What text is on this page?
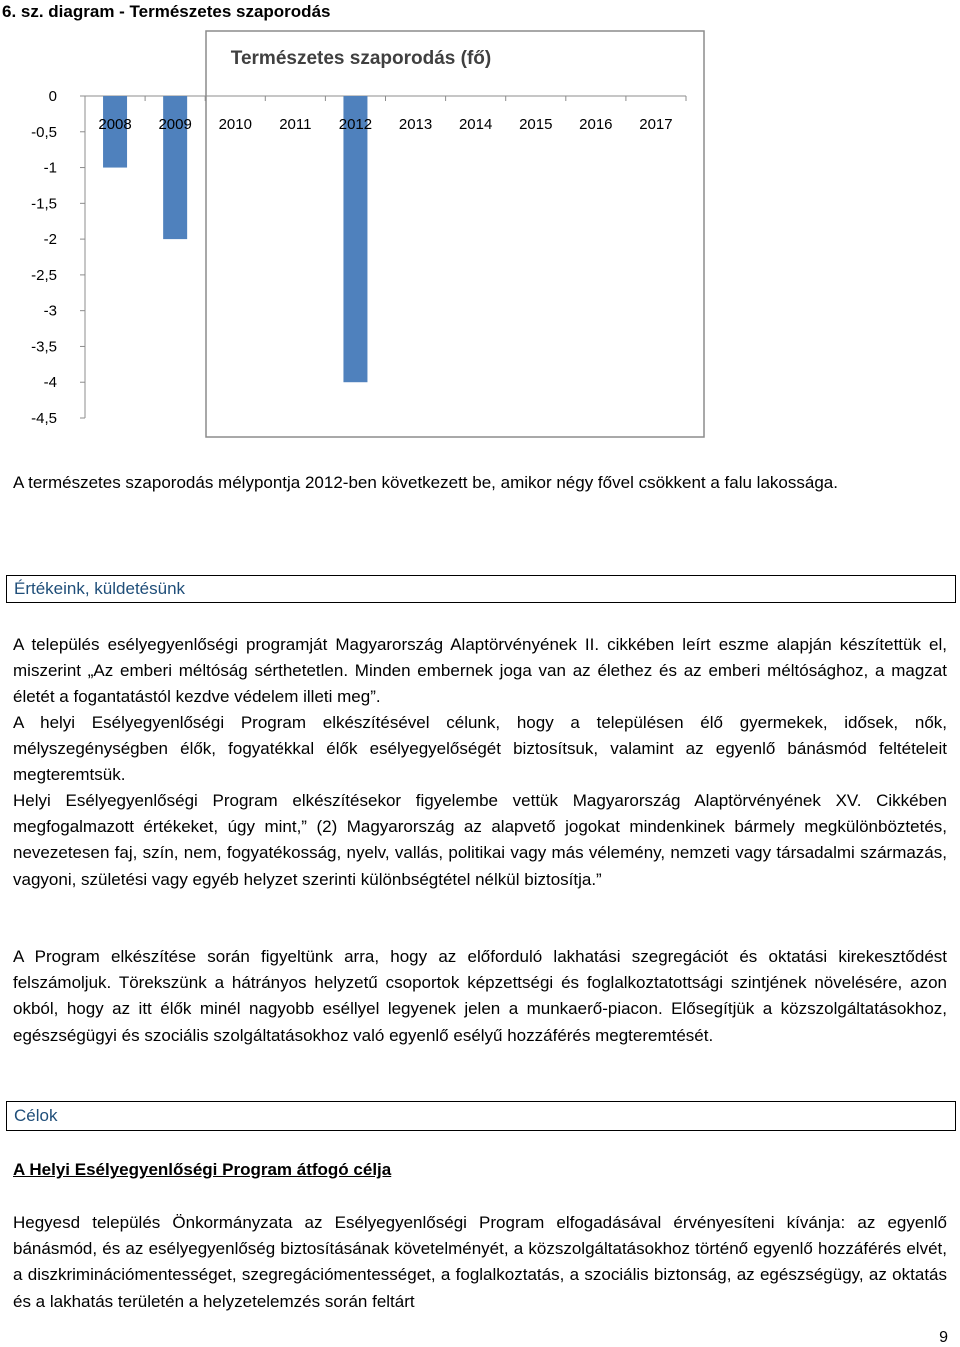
6. sz. diagram - Természetes szaporodás

Természetes szaporodás (fő)
0
-0,5
-1
-1,5
-2
-2,5
-3
-3,5
-4
-4,5
2008 2009 2010 2011 2012 2013 2014 2015 2016 2017

A természetes szaporodás mélypontja 2012-ben következett be, amikor négy fővel csökkent a falu lakossága.

Értékeink, küldetésünk

A település esélyegyenlőségi programját Magyarország Alaptörvényének II. cikkében leírt eszme alapján készítettük el, miszerint „Az emberi méltóság sérthetetlen. Minden embernek joga van az élethez és az emberi méltósághoz, a magzat életét a fogantatástól kezdve védelem illeti meg”.

A helyi Esélyegyenlőségi Program elkészítésével célunk, hogy a településen élő gyermekek, idősek, nők, mélyszegénységben élők, fogyatékkal élők esélyegyelőségét biztosítsuk, valamint az egyenlő bánásmód feltételeit megteremtsük.

Helyi Esélyegyenlőségi Program elkészítésekor figyelembe vettük Magyarország Alaptörvényének XV. Cikkében megfogalmazott értékeket, úgy mint,” (2) Magyarország az alapvető jogokat mindenkinek bármely megkülönböztetés, nevezetesen faj, szín, nem, fogyatékosság, nyelv, vallás, politikai vagy más vélemény, nemzeti vagy társadalmi származás, vagyoni, születési vagy egyéb helyzet szerinti különbségtétel nélkül biztosítja.”

A Program elkészítése során figyeltünk arra, hogy az előforduló lakhatási szegregációt és oktatási kirekesztődést felszámoljuk. Törekszünk a hátrányos helyzetű csoportok képzettségi és foglalkoztatottsági szintjének növelésére, azon okból, hogy az itt élők minél nagyobb eséllyel legyenek jelen a munkaerő-piacon. Elősegítjük a közszolgáltatásokhoz, egészségügyi és szociális szolgáltatásokhoz való egyenlő esélyű hozzáférés megteremtését.

Célok

A Helyi Esélyegyenlőségi Program átfogó célja

Hegyesd település Önkormányzata az Esélyegyenlőségi Program elfogadásával érvényesíteni kívánja: az egyenlő bánásmód, és az esélyegyenlőség biztosításának követelményét, a közszolgáltatásokhoz történő egyenlő hozzáférés elvét, a diszkriminációmentességet, szegregációmentességet, a foglalkoztatás, a szociális biztonság, az egészségügy, az oktatás és a lakhatás területén a helyzetelemzés során feltárt

9
